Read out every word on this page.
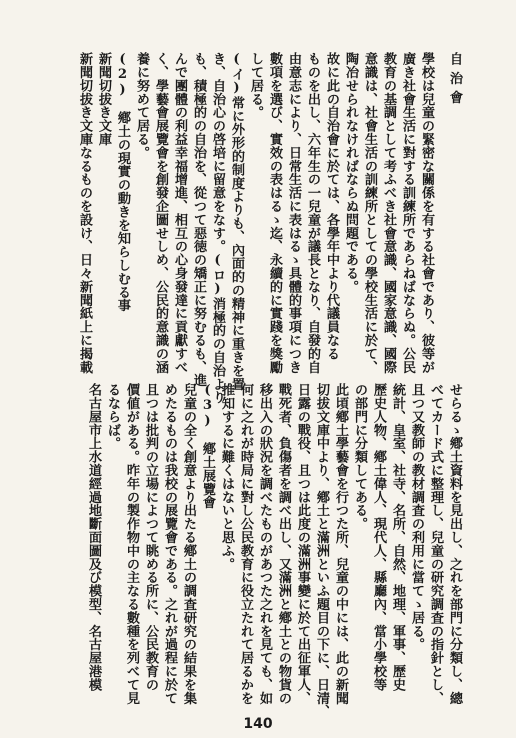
自治會
學校は兒童の緊密な關係を有する社會であり、彼等が
廣き社會生活に對する訓練所であらねばならぬ。公民
教育の基調として考ふべき社會意識、國家意識、國際
意識は、社會生活の訓練所としての學校生活に於て、
陶冶せられなければならぬ問題である。
故に此の自治會に於ては、各學年中より代議員なる
ものを出し、六年生の一兒童が議長となり、自發的自
由意志により、日常生活に表はるゝ具體的事項につき
數項を選び、實效の表はるゝ迄、永續的に實踐を獎勵
して居る。
(イ)常に外形的制度よりも、內面的の精神に重きを置
き、自治心の啓培に留意をなす。(ロ)消極的の自治より
も、積極的の自治を、從つて惡徳の矯正に努むるも、進
んで團體の利益幸福增進、相互の心身發達に貢獻すべ
く、學藝會展覽會を創發企圖せしめ、公民的意識の涵
養に努めて居る。
(2)　鄕土の現實の動きを知らしむる事
新聞切拔き文庫
新聞切拔き文庫なるものを設け、日々新聞紙上に揭載
せらるゝ鄕土資料を見出し、之れを部門に分類し、總
べてカード式に整理し、兒童の研究調査の指針とし、
且つ又教師の教材調査の利用に當てゝ居る。
統計、皇室、社寺、名所、自然、地理、軍事、歷史
歷史人物、鄕土偉人、現代人、縣廳內、當小學校等
の部門に分類してある。
此頃鄕土學藝會を行つた所、兒童の中には、此の新聞
切拔文庫中より、鄕土と滿洲といふ題目の下に、日清、
日露の戰役、且つは此度の滿洲事變に於て出征軍人、
戰死者、負傷者を調べ出し、又滿洲と鄕土との物貨の
移出入の狀況を調べたものがあつた之れを見ても、如
何に之れが時局に對し公民教育に役立たれて居るかを
推知するに難くはないと思ふ。
(3)　鄕土展覽會
兒童の全く創意より出たる鄕土の調査研究の結果を集
めたるものは我校の展覽會である。之れが過程に於て
且つは批判の立場によつて眺める所に、公民教育の
價値がある。昨年の製作物中の主なる數種を列べて見
るならば。
名古屋市上水道經過地斷面圖及び模型、名古屋港模
140
